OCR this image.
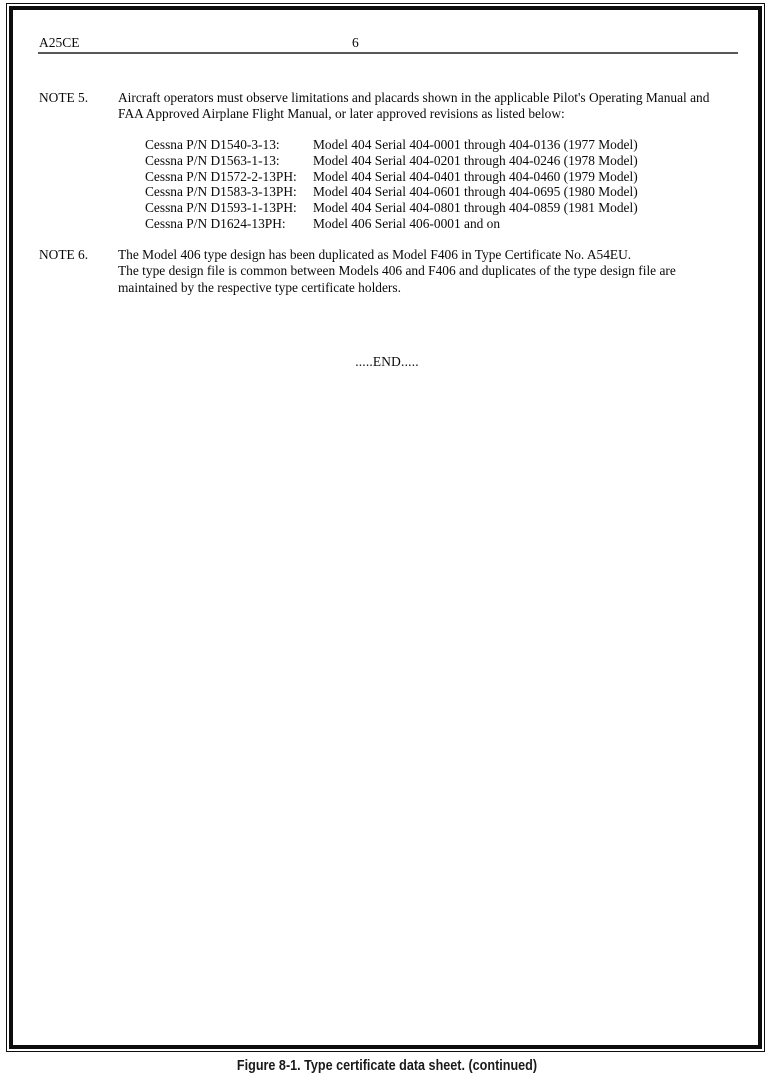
A25CE	6
NOTE 5. Aircraft operators must observe limitations and placards shown in the applicable Pilot's Operating Manual and
FAA Approved Airplane Flight Manual, or later approved revisions as listed below:
Cessna P/N D1540-3-13:	Model 404 Serial 404-0001 through 404-0136 (1977 Model)
Cessna P/N D1563-1-13:	Model 404 Serial 404-0201 through 404-0246 (1978 Model)
Cessna P/N D1572-2-13PH:	Model 404 Serial 404-0401 through 404-0460 (1979 Model)
Cessna P/N D1583-3-13PH:	Model 404 Serial 404-0601 through 404-0695 (1980 Model)
Cessna P/N D1593-1-13PH:	Model 404 Serial 404-0801 through 404-0859 (1981 Model)
Cessna P/N D1624-13PH:	Model 406 Serial 406-0001 and on
NOTE 6. The Model 406 type design has been duplicated as Model F406 in Type Certificate No. A54EU.
The type design file is common between Models 406 and F406 and duplicates of the type design file are
maintained by the respective type certificate holders.
.....END.....
Figure 8-1. Type certificate data sheet. (continued)
